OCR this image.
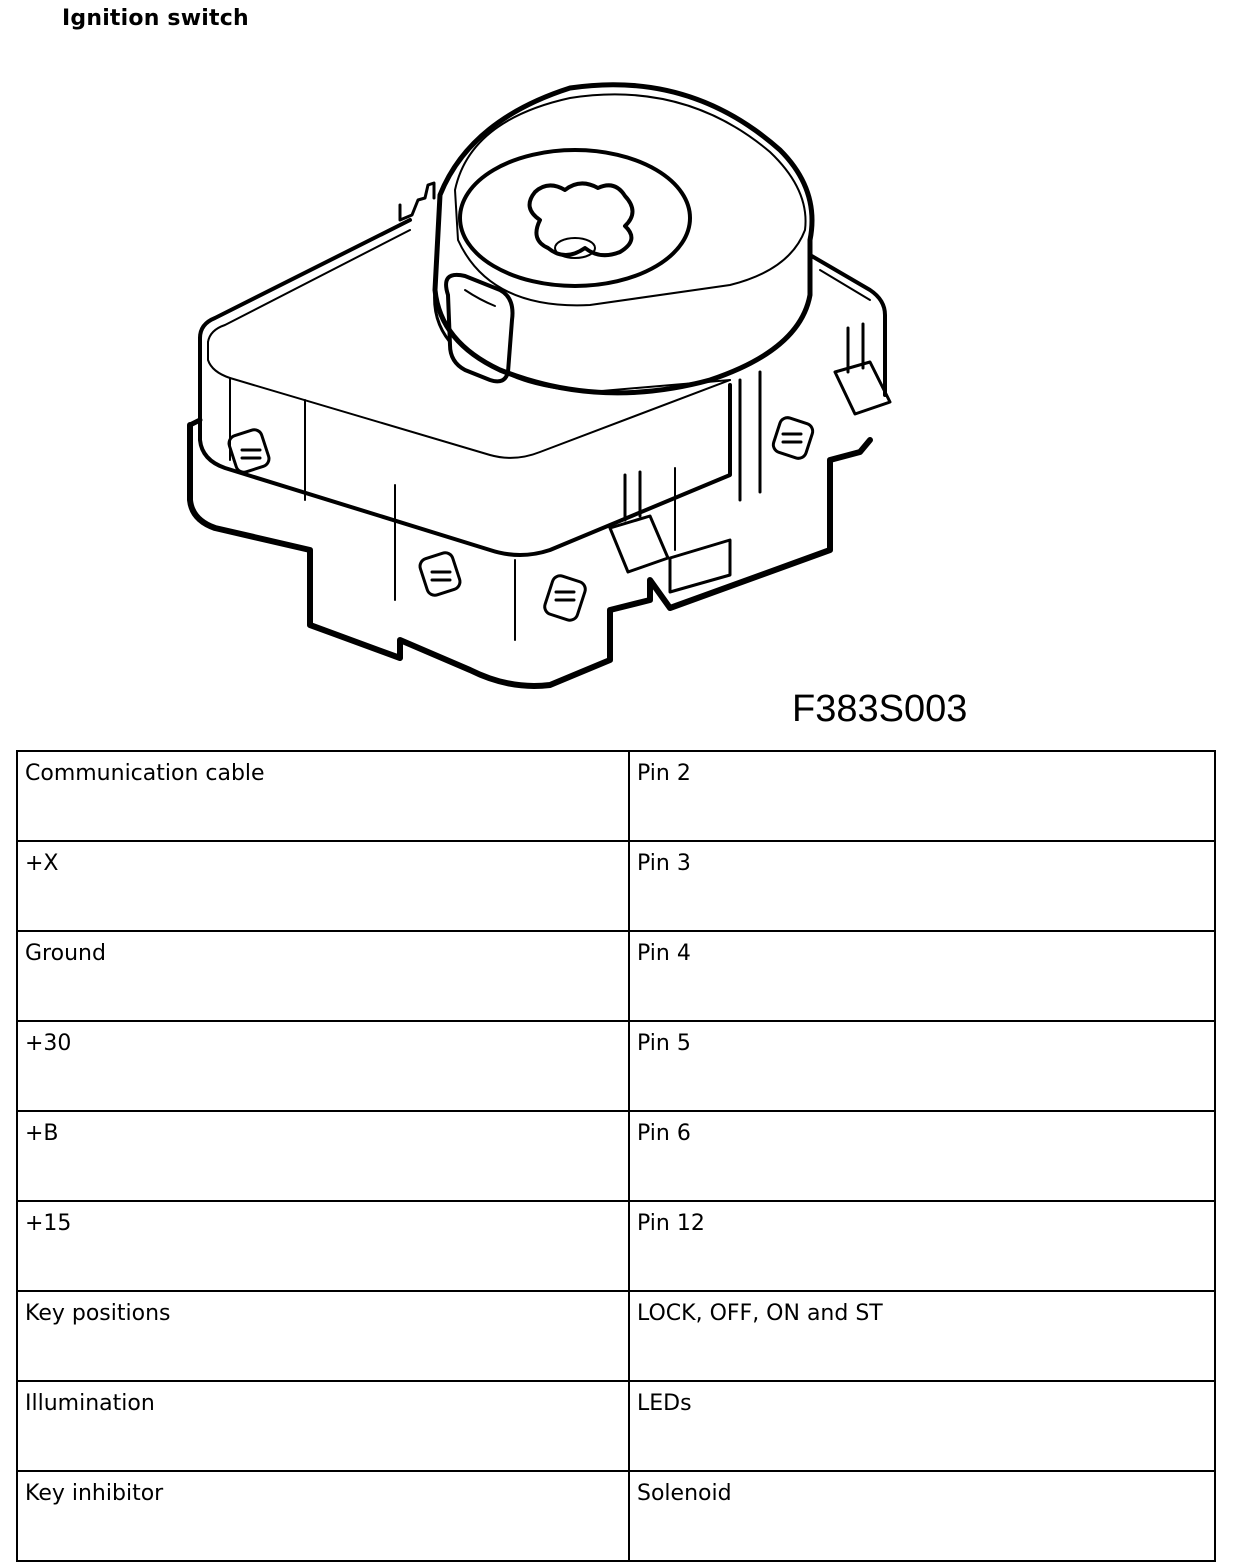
Ignition switch
F383S003
Communication cable	Pin 2
+X	Pin 3
Ground	Pin 4
+30	Pin 5
+B	Pin 6
+15	Pin 12
Key positions	LOCK, OFF, ON and ST
Illumination	LEDs
Key inhibitor	Solenoid
